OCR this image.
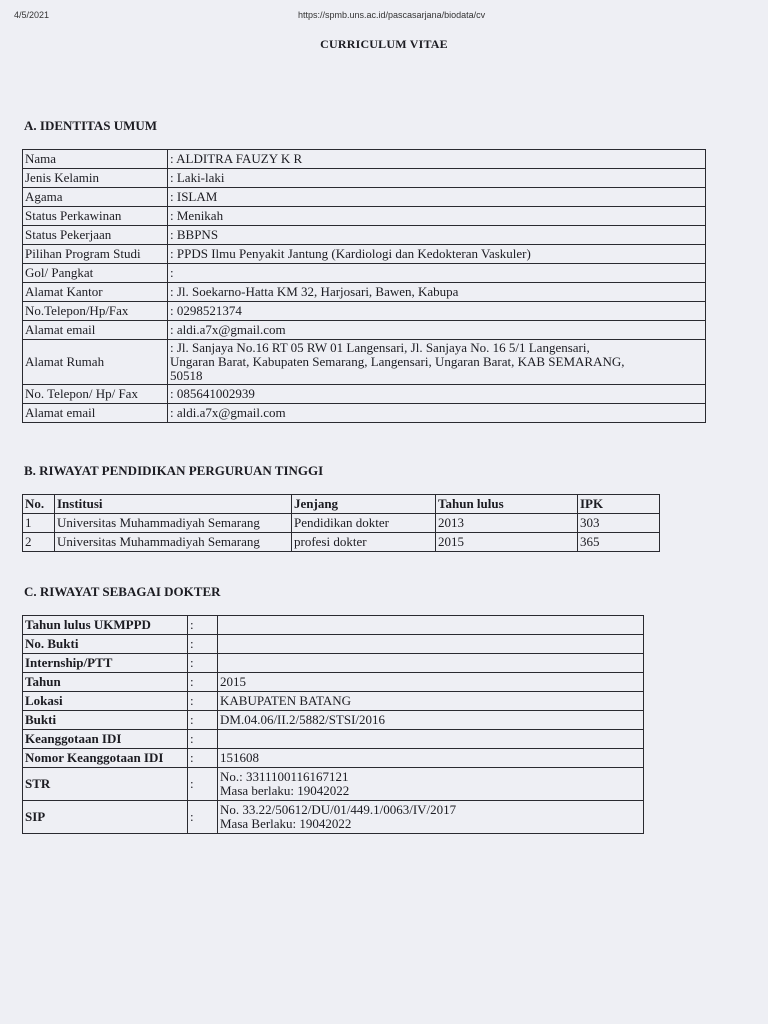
4/5/2021	https://spmb.uns.ac.id/pascasarjana/biodata/cv
CURRICULUM VITAE
A. IDENTITAS UMUM
Nama	: ALDITRA FAUZY K R
Jenis Kelamin	: Laki-laki
Agama	: ISLAM
Status Perkawinan	: Menikah
Status Pekerjaan	: BBPNS
Pilihan Program Studi	: PPDS Ilmu Penyakit Jantung (Kardiologi dan Kedokteran Vaskuler)
Gol/ Pangkat	:
Alamat Kantor	: Jl. Soekarno-Hatta KM 32, Harjosari, Bawen, Kabupa
No.Telepon/Hp/Fax	: 0298521374
Alamat email	: aldi.a7x@gmail.com
Alamat Rumah	: Jl. Sanjaya No.16 RT 05 RW 01 Langensari, Jl. Sanjaya No. 16 5/1 Langensari,
Ungaran Barat, Kabupaten Semarang, Langensari, Ungaran Barat, KAB SEMARANG,
50518
No. Telepon/ Hp/ Fax	: 085641002939
Alamat email	: aldi.a7x@gmail.com
B. RIWAYAT PENDIDIKAN PERGURUAN TINGGI
No.	Institusi	Jenjang	Tahun lulus	IPK
1	Universitas Muhammadiyah Semarang	Pendidikan dokter	2013	303
2	Universitas Muhammadiyah Semarang	profesi dokter	2015	365
C. RIWAYAT SEBAGAI DOKTER
Tahun lulus UKMPPD	:	
No. Bukti	:	
Internship/PTT	:	
Tahun	:	2015
Lokasi	:	KABUPATEN BATANG
Bukti	:	DM.04.06/II.2/5882/STSI/2016
Keanggotaan IDI	:	
Nomor Keanggotaan IDI	:	151608
STR	:	No.: 3311100116167121
Masa berlaku: 19042022
SIP	:	No. 33.22/50612/DU/01/449.1/0063/IV/2017
Masa Berlaku: 19042022
